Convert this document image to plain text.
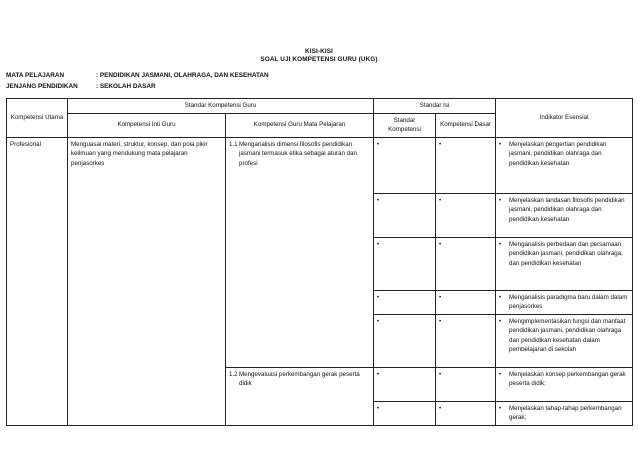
KISI-KISI
SOAL UJI KOMPETENSI GURU (UKG)
MATA PELAJARAN	: PENDIDIKAN JASMANI, OLAHRAGA, DAN KESEHATAN
JENJANG PENDIDIKAN	: SEKOLAH DASAR
Kompetensi Utama	Standar Kompetensi Guru		Standar Isi		Indikator Esensial
	Kompetensi Inti Guru	Kompetensi Guru Mata Pelajaran	Standar Kompetensi	Kompetensi Dasar	
Profesional	Menguasai materi, struktur, konsep, dan pola pikir keilmuan yang mendukung mata pelajaran penjasorkes	1.1 Menganalisis dimensi filosofis pendidikan jasmani termasuk etika sebagai aturan dan profesi	•	•	• Menjelaskan pengertian pendidikan jasmani, pendidikan olahraga dan pendidikan kesehatan

			•	•	• Menjelaskan landasan filosofis pendidikan jasmani, pendidikan olahraga dan pendidikan kesehatan

			•	•	• Menganalisis perbedaan dan persamaan pendidikan jasmani, pendidikan olahraga, dan pendidikan kesehatan

			•	•	• Menganalisis paradigma baru dalam dalam penjasorkes

			•	•	• Mengimplementasikan fungsi dan manfaat pendidikan jasmani, pendidikan olahraga dan pendidikan kesehatan dalam pembelajaran di sekolah

		1.2 Mengevaluasi perkembangan gerak peserta didik	•	•	• Menjelaskan konsep perkembangan gerak peserta didik;

			•	•	• Menjelaskan tahap-tahap perkembangan gerak;
